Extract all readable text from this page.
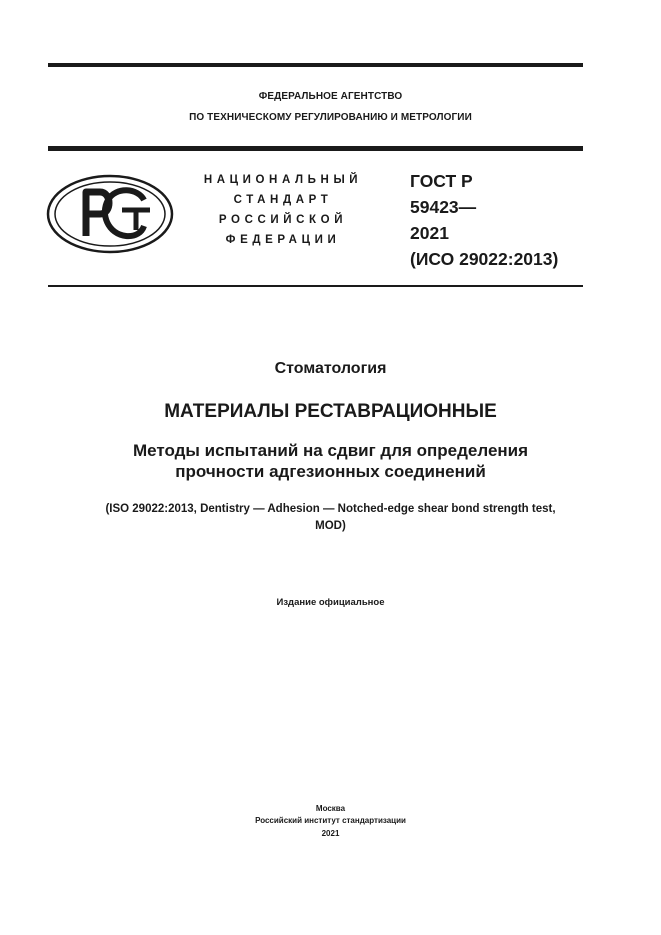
ФЕДЕРАЛЬНОЕ АГЕНТСТВО
ПО ТЕХНИЧЕСКОМУ РЕГУЛИРОВАНИЮ И МЕТРОЛОГИИ
НАЦИОНАЛЬНЫЙ
СТАНДАРТ
РОССИЙСКОЙ
ФЕДЕРАЦИИ
ГОСТ Р
59423—
2021
(ИСО 29022:2013)
Стоматология
МАТЕРИАЛЫ РЕСТАВРАЦИОННЫЕ
Методы испытаний на сдвиг для определения
прочности адгезионных соединений
(ISO 29022:2013, Dentistry — Adhesion — Notched-edge shear bond strength test,
MOD)
Издание официальное
Москва
Российский институт стандартизации
2021
